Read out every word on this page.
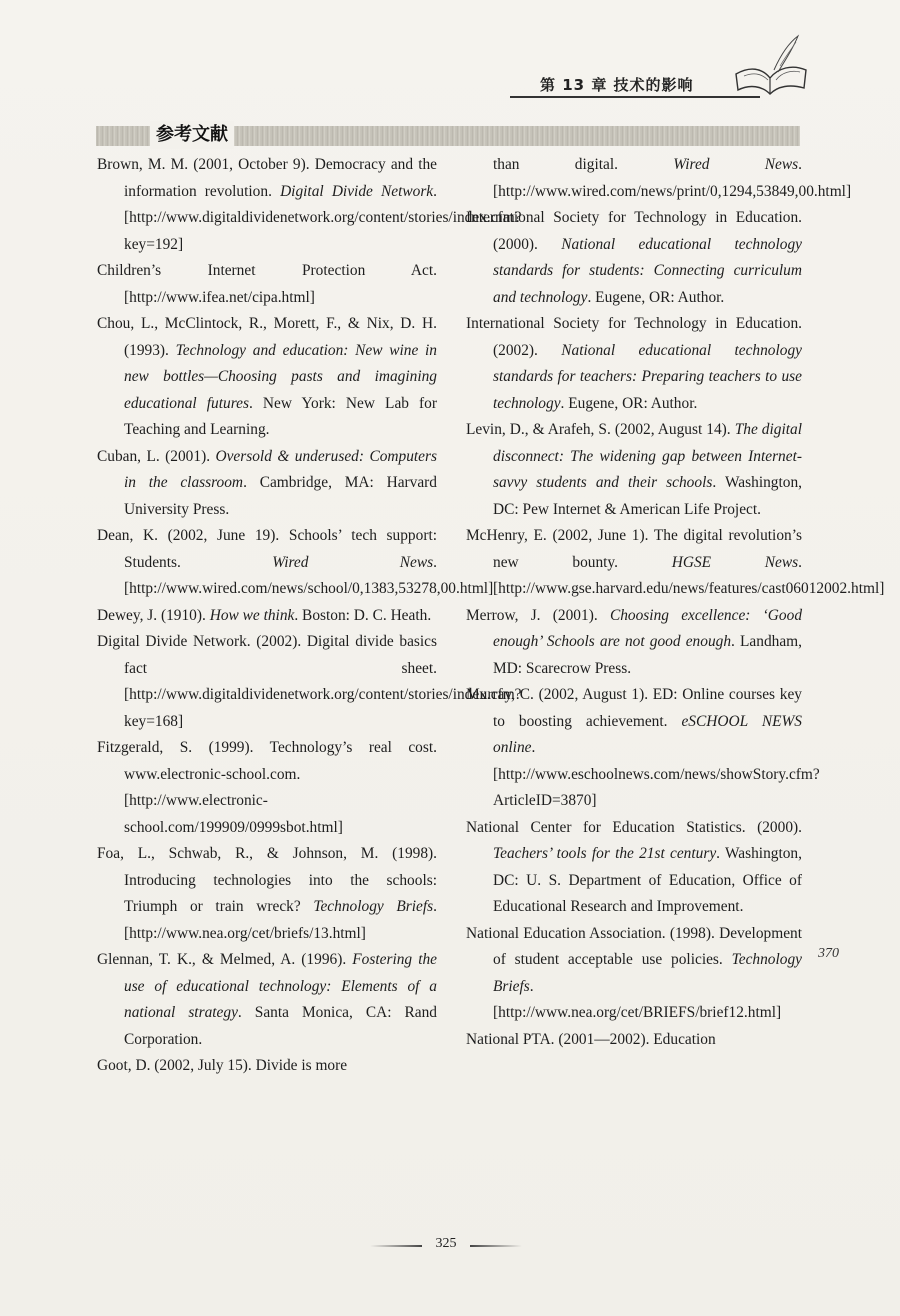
第 13 章 技术的影响
参考文献

Brown, M. M. (2001, October 9). Democracy and the information revolution. Digital Divide Network. [http://www.digitaldividenetwork.org/content/stories/index.cfm? key=192]

Children’s Internet Protection Act. [http://www.ifea.net/cipa.html]

Chou, L., McClintock, R., Morett, F., & Nix, D. H. (1993). Technology and education: New wine in new bottles—Choosing pasts and imagining educational futures. New York: New Lab for Teaching and Learning.

Cuban, L. (2001). Oversold & underused: Computers in the classroom. Cambridge, MA: Harvard University Press.

Dean, K. (2002, June 19). Schools’ tech support: Students. Wired News. [http://www.wired.com/news/school/0,1383,53278,00.html]

Dewey, J. (1910). How we think. Boston: D. C. Heath.

Digital Divide Network. (2002). Digital divide basics fact sheet. [http://www.digitaldividenetwork.org/content/stories/index.cfm? key=168]

Fitzgerald, S. (1999). Technology’s real cost. www.electronic-school.com. [http://www.electronic-school.com/199909/0999sbot.html]

Foa, L., Schwab, R., & Johnson, M. (1998). Introducing technologies into the schools: Triumph or train wreck? Technology Briefs. [http://www.nea.org/cet/briefs/13.html]

Glennan, T. K., & Melmed, A. (1996). Fostering the use of educational technology: Elements of a national strategy. Santa Monica, CA: Rand Corporation.

Goot, D. (2002, July 15). Divide is more

than digital. Wired News. [http://www.wired.com/news/print/0,1294,53849,00.html]

International Society for Technology in Education. (2000). National educational technology standards for students: Connecting curriculum and technology. Eugene, OR: Author.

International Society for Technology in Education. (2002). National educational technology standards for teachers: Preparing teachers to use technology. Eugene, OR: Author.

Levin, D., & Arafeh, S. (2002, August 14). The digital disconnect: The widening gap between Internet-savvy students and their schools. Washington, DC: Pew Internet & American Life Project.

McHenry, E. (2002, June 1). The digital revolution’s new bounty. HGSE News. [http://www.gse.harvard.edu/news/features/cast06012002.html]

Merrow, J. (2001). Choosing excellence: ‘Good enough’ Schools are not good enough. Landham, MD: Scarecrow Press.

Murray, C. (2002, August 1). ED: Online courses key to boosting achievement. eSCHOOL NEWS online. [http://www.eschoolnews.com/news/showStory.cfm? ArticleID=3870]

National Center for Education Statistics. (2000). Teachers’ tools for the 21st century. Washington, DC: U. S. Department of Education, Office of Educational Research and Improvement.

National Education Association. (1998). Development of student acceptable use policies. Technology Briefs. [http://www.nea.org/cet/BRIEFS/brief12.html]

National PTA. (2001—2002). Education

370
325
